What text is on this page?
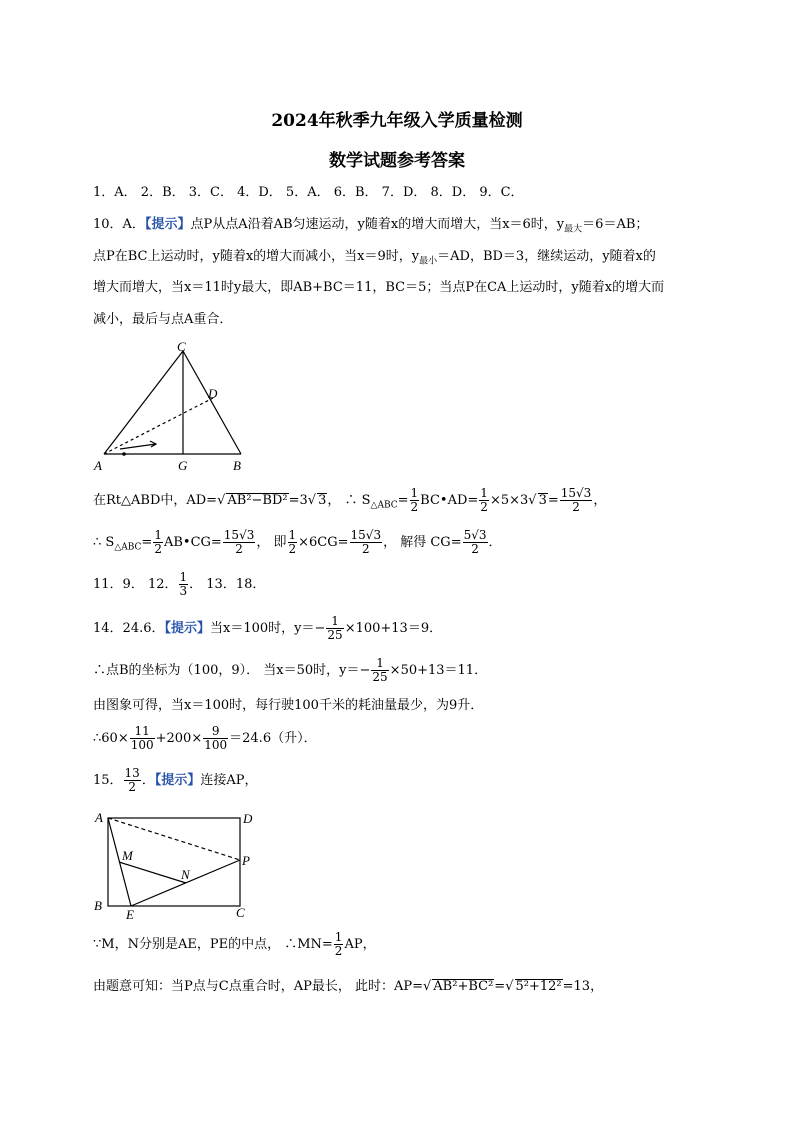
2024年秋季九年级入学质量检测
数学试题参考答案
1．A． 2．B． 3．C． 4．D． 5．A． 6．B． 7．D． 8．D． 9．C．
10．A．【提示】点P从点A沿着AB匀速运动，y随着x的增大而增大，当x＝6时，$y_{最大}=6=AB$；
点P在BC上运动时，y随着x的增大而减小，当x＝9时，$y_{最小}=AD$，BD＝3，继续运动，y随着x的
增大而增大，当x＝11时y最大，即AB+BC＝11，BC＝5；当点P在CA上运动时，y随着x的增大而
减小，最后与点A重合．
A	G	B
C
D
在Rt△ABD中，AD=√ AB²−BD²=3√ 3， ∴ $S_{\triangle ABC}= \frac{1}{2}$ BC•AD= $\frac{1}{2} \times 5\times 3√$ $3= \frac{15√3}{2}$ ，
∴ $S_{\triangle ABC}= \frac{1}{2}$ AB•CG= $\frac{15√3}{2}$ ， 即 $\frac{1}{2} \times 6CG= \frac{15√3}{2}$ ， 解得 $CG= \frac{5√3}{2}$ ．
11．9． 12． $\frac{1}{3}$ ． 13．18．
14．24.6．【提示】当x＝100时，$y=- \frac{1}{25} \times 100+13=9$．
∴点B的坐标为（100，9）． 当x＝50时，$y=- \frac{1}{25} \times 50+13=11$．
由图象可得，当x＝100时，每行驶100千米的耗油量最少，为9升．
∴60× $\frac{11}{100} +200\times \frac{9}{100} =24.6$（升）．
15． $\frac{13}{2}$ ．【提示】连接AP，
A	D
M
N
P
B
E	C
∵M，N分别是AE，PE的中点， ∴MN= $\frac{1}{2}$ AP，
由题意可知：当P点与C点重合时，AP最长， 此时：AP=√ AB²+BC²=√ 5²+12²=13，
